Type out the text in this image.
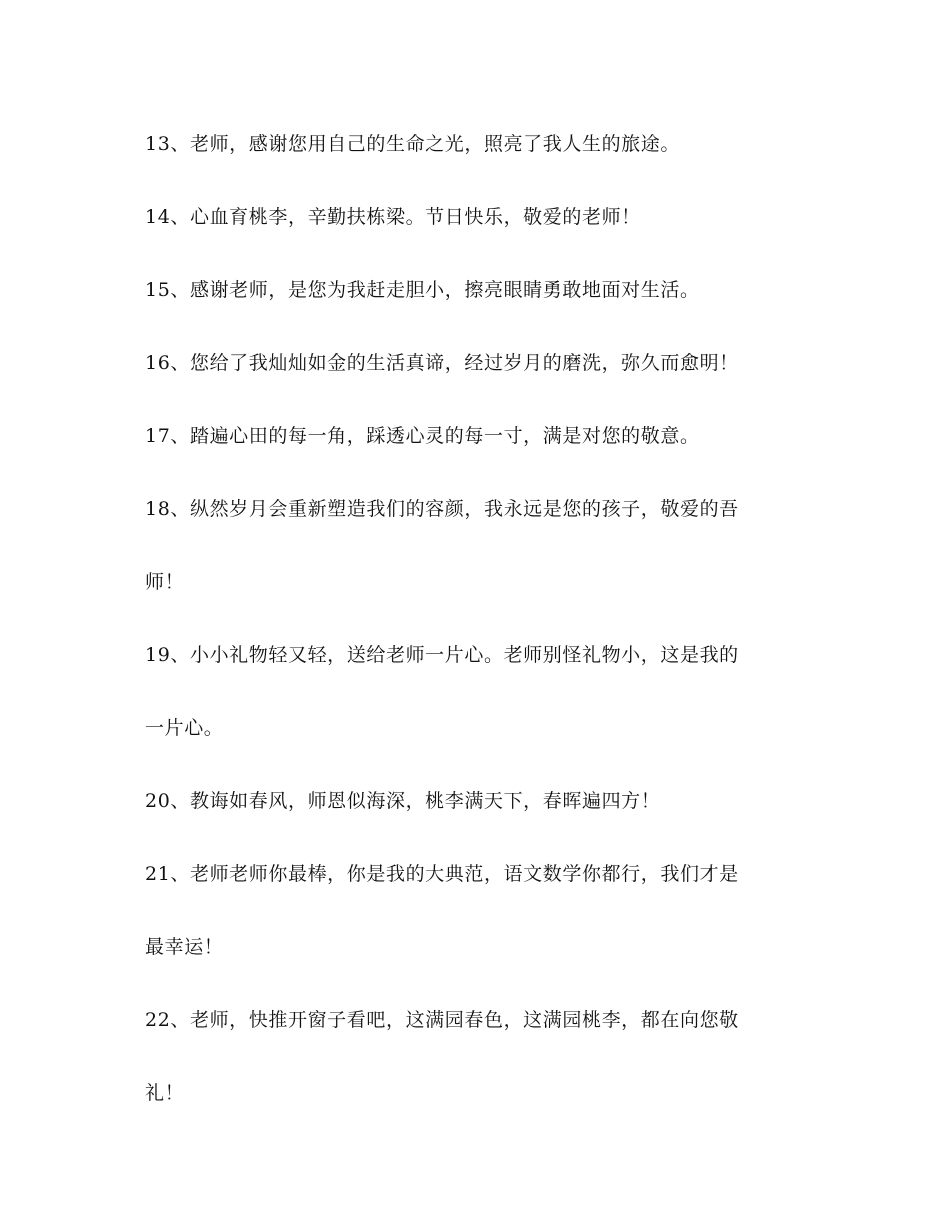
13、老师，感谢您用自己的生命之光，照亮了我人生的旅途。

14、心血育桃李，辛勤扶栋梁。节日快乐，敬爱的老师！

15、感谢老师，是您为我赶走胆小，擦亮眼睛勇敢地面对生活。

16、您给了我灿灿如金的生活真谛，经过岁月的磨洗，弥久而愈明！

17、踏遍心田的每一角，踩透心灵的每一寸，满是对您的敬意。

18、纵然岁月会重新塑造我们的容颜，我永远是您的孩子，敬爱的吾
师！

19、小小礼物轻又轻，送给老师一片心。老师别怪礼物小，这是我的
一片心。

20、教诲如春风，师恩似海深，桃李满天下，春晖遍四方！

21、老师老师你最棒，你是我的大典范，语文数学你都行，我们才是
最幸运！

22、老师，快推开窗子看吧，这满园春色，这满园桃李，都在向您敬
礼！
